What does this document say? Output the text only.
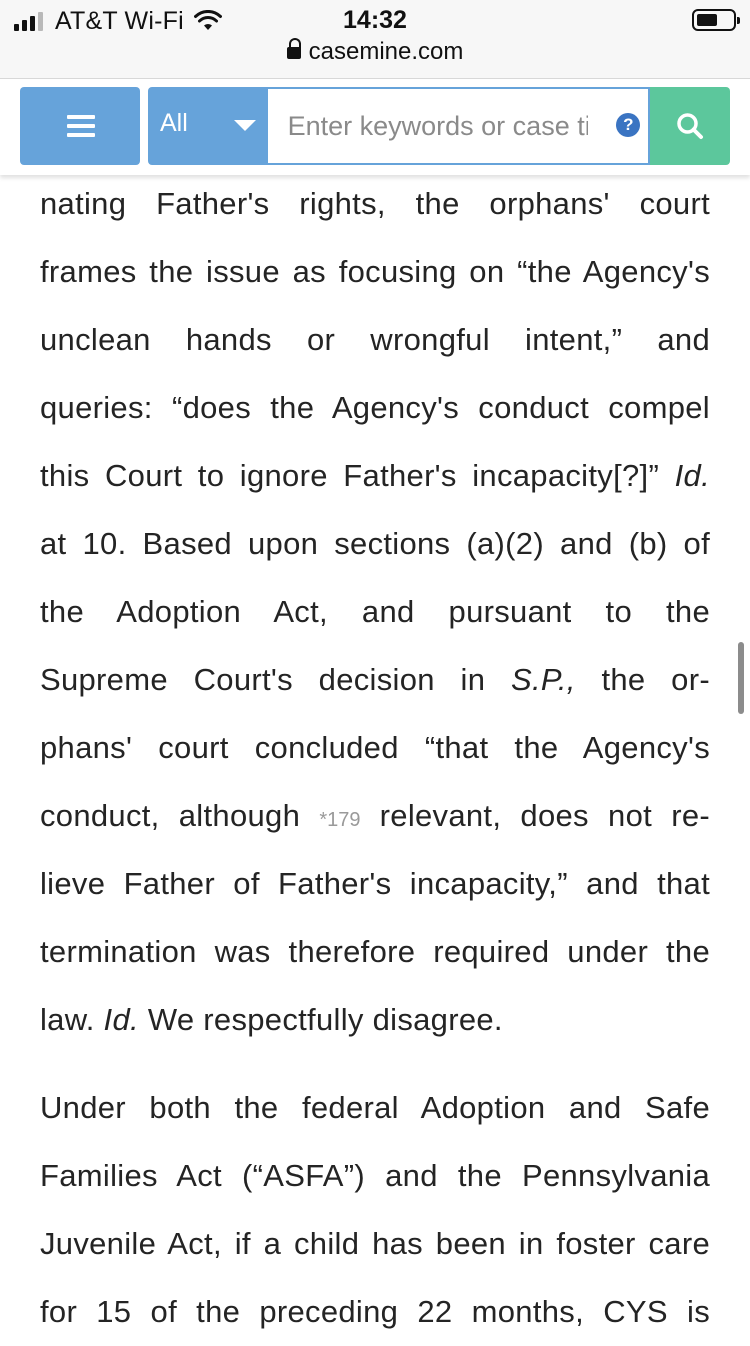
AT&T Wi-Fi	14:32
casemine.com
All
Enter keywords or case title	?
nating Father's rights, the orphans' court
frames the issue as focusing on “the Agency's
unclean hands or wrongful intent,” and
queries: “does the Agency's conduct compel
this Court to ignore Father's incapacity[?]” Id.
at 10. Based upon sections (a)(2) and (b) of
the Adoption Act, and pursuant to the
Supreme Court's decision in S.P., the or-
phans' court concluded “that the Agency's
conduct, although *179 relevant, does not re-
lieve Father of Father's incapacity,” and that
termination was therefore required under the
law. Id. We respectfully disagree.
Under both the federal Adoption and Safe
Families Act (“ASFA”) and the Pennsylvania
Juvenile Act, if a child has been in foster care
for 15 of the preceding 22 months, CYS is
